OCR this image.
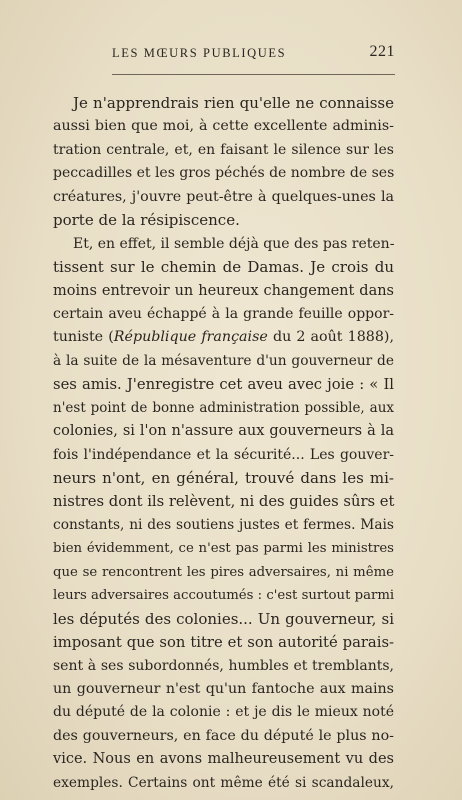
LES MŒURS PUBLIQUES	221
Je n'apprendrais rien qu'elle ne connaisse
aussi bien que moi, à cette excellente adminis-
tration centrale, et, en faisant le silence sur les
peccadilles et les gros péchés de nombre de ses
créatures, j'ouvre peut-être à quelques-unes la
porte de la résipiscence.
Et, en effet, il semble déjà que des pas reten-
tissent sur le chemin de Damas. Je crois du
moins entrevoir un heureux changement dans
certain aveu échappé à la grande feuille oppor-
tuniste (République française du 2 août 1888),
à la suite de la mésaventure d'un gouverneur de
ses amis. J'enregistre cet aveu avec joie : « Il
n'est point de bonne administration possible, aux
colonies, si l'on n'assure aux gouverneurs à la
fois l'indépendance et la sécurité... Les gouver-
neurs n'ont, en général, trouvé dans les mi-
nistres dont ils relèvent, ni des guides sûrs et
constants, ni des soutiens justes et fermes. Mais
bien évidemment, ce n'est pas parmi les ministres
que se rencontrent les pires adversaires, ni même
leurs adversaires accoutumés : c'est surtout parmi
les députés des colonies... Un gouverneur, si
imposant que son titre et son autorité parais-
sent à ses subordonnés, humbles et tremblants,
un gouverneur n'est qu'un fantoche aux mains
du député de la colonie : et je dis le mieux noté
des gouverneurs, en face du député le plus no-
vice. Nous en avons malheureusement vu des
exemples. Certains ont même été si scandaleux,
